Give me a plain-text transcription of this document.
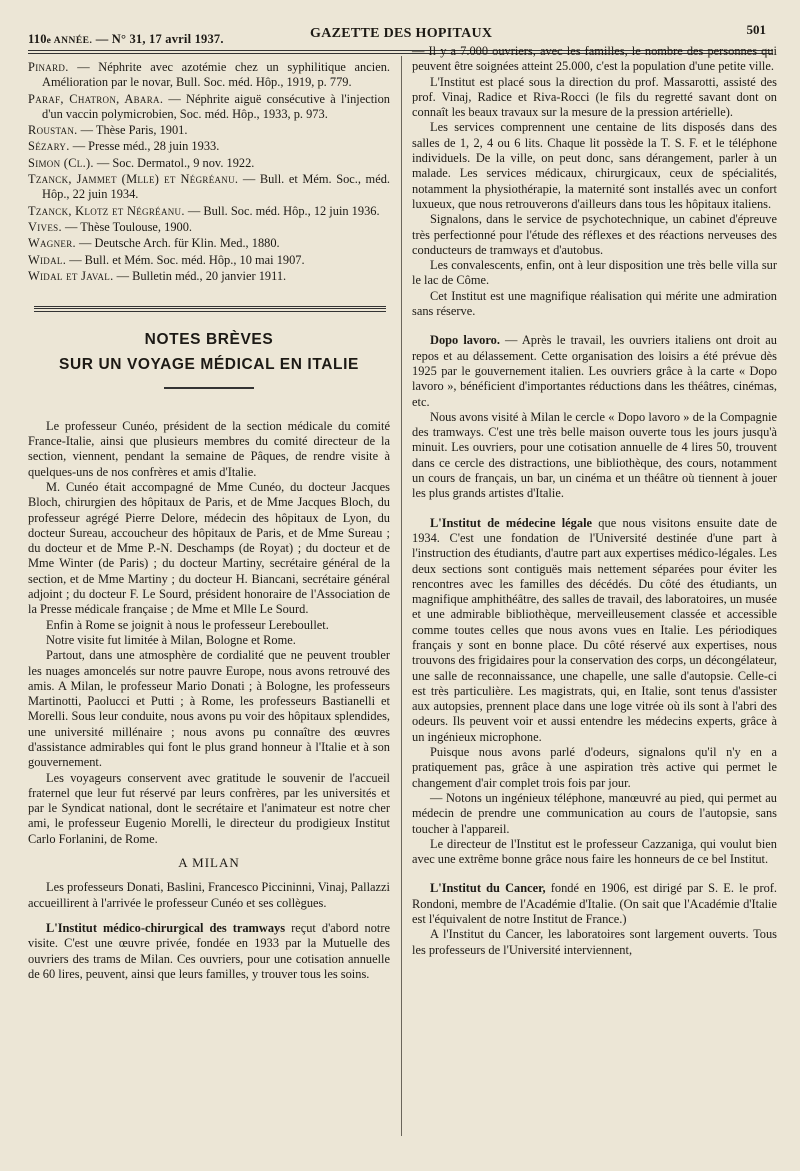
110e ANNÉE. — N° 31, 17 avril 1937.	GAZETTE DES HOPITAUX	501

Pinard. — Néphrite avec azotémie chez un syphilitique ancien. Amélioration par le novar, Bull. Soc. méd. Hôp., 1919, p. 779.

Paraf, Chatron, Abara. — Néphrite aiguë consécutive à l'injection d'un vaccin polymicrobien, Soc. méd. Hôp., 1933, p. 973.

Roustan. — Thèse Paris, 1901.

Sézary. — Presse méd., 28 juin 1933.

Simon (Cl.). — Soc. Dermatol., 9 nov. 1922.

Tzanck, Jammet (Mlle) et Négréanu. — Bull. et Mém. Soc., méd. Hôp., 22 juin 1934.

Tzanck, Klotz et Négréanu. — Bull. Soc. méd. Hôp., 12 juin 1936.

Vives. — Thèse Toulouse, 1900.

Wagner. — Deutsche Arch. für Klin. Med., 1880.

Widal. — Bull. et Mém. Soc. méd. Hôp., 10 mai 1907.

Widal et Javal. — Bulletin méd., 20 janvier 1911.

NOTES BRÈVES
SUR UN VOYAGE MÉDICAL EN ITALIE

Le professeur Cunéo, président de la section médicale du comité France-Italie, ainsi que plusieurs membres du comité directeur de la section, viennent, pendant la semaine de Pâques, de rendre visite à quelques-uns de nos confrères et amis d'Italie.

M. Cunéo était accompagné de Mme Cunéo, du docteur Jacques Bloch, chirurgien des hôpitaux de Paris, et de Mme Jacques Bloch, du professeur agrégé Pierre Delore, médecin des hôpitaux de Lyon, du docteur Sureau, accoucheur des hôpitaux de Paris, et de Mme Sureau ; du docteur et de Mme P.-N. Deschamps (de Royat) ; du docteur et de Mme Winter (de Paris) ; du docteur Martiny, secrétaire général de la section, et de Mme Martiny ; du docteur H. Biancani, secrétaire général adjoint ; du docteur F. Le Sourd, président honoraire de l'Association de la Presse médicale française ; de Mme et Mlle Le Sourd.

Enfin à Rome se joignit à nous le professeur Lereboullet.

Notre visite fut limitée à Milan, Bologne et Rome.

Partout, dans une atmosphère de cordialité que ne peuvent troubler les nuages amoncelés sur notre pauvre Europe, nous avons retrouvé des amis. A Milan, le professeur Mario Donati ; à Bologne, les professeurs Martinotti, Paolucci et Putti ; à Rome, les professeurs Bastianelli et Morelli. Sous leur conduite, nous avons pu voir des hôpitaux splendides, une université millénaire ; nous avons pu connaître des œuvres d'assistance admirables qui font le plus grand honneur à l'Italie et à son gouvernement.

Les voyageurs conservent avec gratitude le souvenir de l'accueil fraternel que leur fut réservé par leurs confrères, par les universités et par le Syndicat national, dont le secrétaire et l'animateur est notre cher ami, le professeur Eugenio Morelli, le directeur du prodigieux Institut Carlo Forlanini, de Rome.

A MILAN

Les professeurs Donati, Baslini, Francesco Piccininni, Vinaj, Pallazzi accueillirent à l'arrivée le professeur Cunéo et ses collègues.

L'Institut médico-chirurgical des tramways reçut d'abord notre visite. C'est une œuvre privée, fondée en 1933 par la Mutuelle des ouvriers des trams de Milan. Ces ouvriers, pour une cotisation annuelle de 60 lires, peuvent, ainsi que leurs familles, y trouver tous les soins.

— Il y a 7.000 ouvriers, avec les familles, le nombre des personnes qui peuvent être soignées atteint 25.000, c'est la population d'une petite ville.

L'Institut est placé sous la direction du prof. Massarotti, assisté des prof. Vinaj, Radice et Riva-Rocci (le fils du regretté savant dont on connaît les beaux travaux sur la mesure de la pression artérielle).

Les services comprennent une centaine de lits disposés dans des salles de 1, 2, 4 ou 6 lits. Chaque lit possède la T. S. F. et le téléphone individuels. De la ville, on peut donc, sans dérangement, parler à un malade. Les services médicaux, chirurgicaux, ceux de spécialités, notamment la physiothérapie, la maternité sont installés avec un confort luxueux, que nous retrouverons d'ailleurs dans tous les hôpitaux italiens.

Signalons, dans le service de psychotechnique, un cabinet d'épreuve très perfectionné pour l'étude des réflexes et des réactions nerveuses des conducteurs de tramways et d'autobus.

Les convalescents, enfin, ont à leur disposition une très belle villa sur le lac de Côme.

Cet Institut est une magnifique réalisation qui mérite une admiration sans réserve.

Dopo lavoro. — Après le travail, les ouvriers italiens ont droit au repos et au délassement. Cette organisation des loisirs a été prévue dès 1925 par le gouvernement italien. Les ouvriers grâce à la carte « Dopo lavoro », bénéficient d'importantes réductions dans les théâtres, cinémas, etc.

Nous avons visité à Milan le cercle « Dopo lavoro » de la Compagnie des tramways. C'est une très belle maison ouverte tous les jours jusqu'à minuit. Les ouvriers, pour une cotisation annuelle de 4 lires 50, trouvent dans ce cercle des distractions, une bibliothèque, des cours, notamment un cours de français, un bar, un cinéma et un théâtre où tiennent à jouer les plus grands artistes d'Italie.

L'Institut de médecine légale que nous visitons ensuite date de 1934. C'est une fondation de l'Université destinée d'une part à l'instruction des étudiants, d'autre part aux expertises médico-légales. Les deux sections sont contiguës mais nettement séparées pour éviter les rencontres avec les familles des décédés. Du côté des étudiants, un magnifique amphithéâtre, des salles de travail, des laboratoires, un musée et une admirable bibliothèque, merveilleusement classée et accessible comme toutes celles que nous avons vues en Italie. Les périodiques français y sont en bonne place. Du côté réservé aux expertises, nous trouvons des frigidaires pour la conservation des corps, un décongélateur, une salle de reconnaissance, une chapelle, une salle d'autopsie. Celle-ci est très particulière. Les magistrats, qui, en Italie, sont tenus d'assister aux autopsies, prennent place dans une loge vitrée où ils sont à l'abri des odeurs. Ils peuvent voir et aussi entendre les médecins experts, grâce à un ingénieux microphone.

Puisque nous avons parlé d'odeurs, signalons qu'il n'y en a pratiquement pas, grâce à une aspiration très active qui permet le changement d'air complet trois fois par jour.

— Notons un ingénieux téléphone, manœuvré au pied, qui permet au médecin de prendre une communication au cours de l'autopsie, sans toucher à l'appareil.

Le directeur de l'Institut est le professeur Cazzaniga, qui voulut bien avec une extrême bonne grâce nous faire les honneurs de ce bel Institut.

L'Institut du Cancer, fondé en 1906, est dirigé par S. E. le prof. Rondoni, membre de l'Académie d'Italie. (On sait que l'Académie d'Italie est l'équivalent de notre Institut de France.)

A l'Institut du Cancer, les laboratoires sont largement ouverts. Tous les professeurs de l'Université interviennent,
